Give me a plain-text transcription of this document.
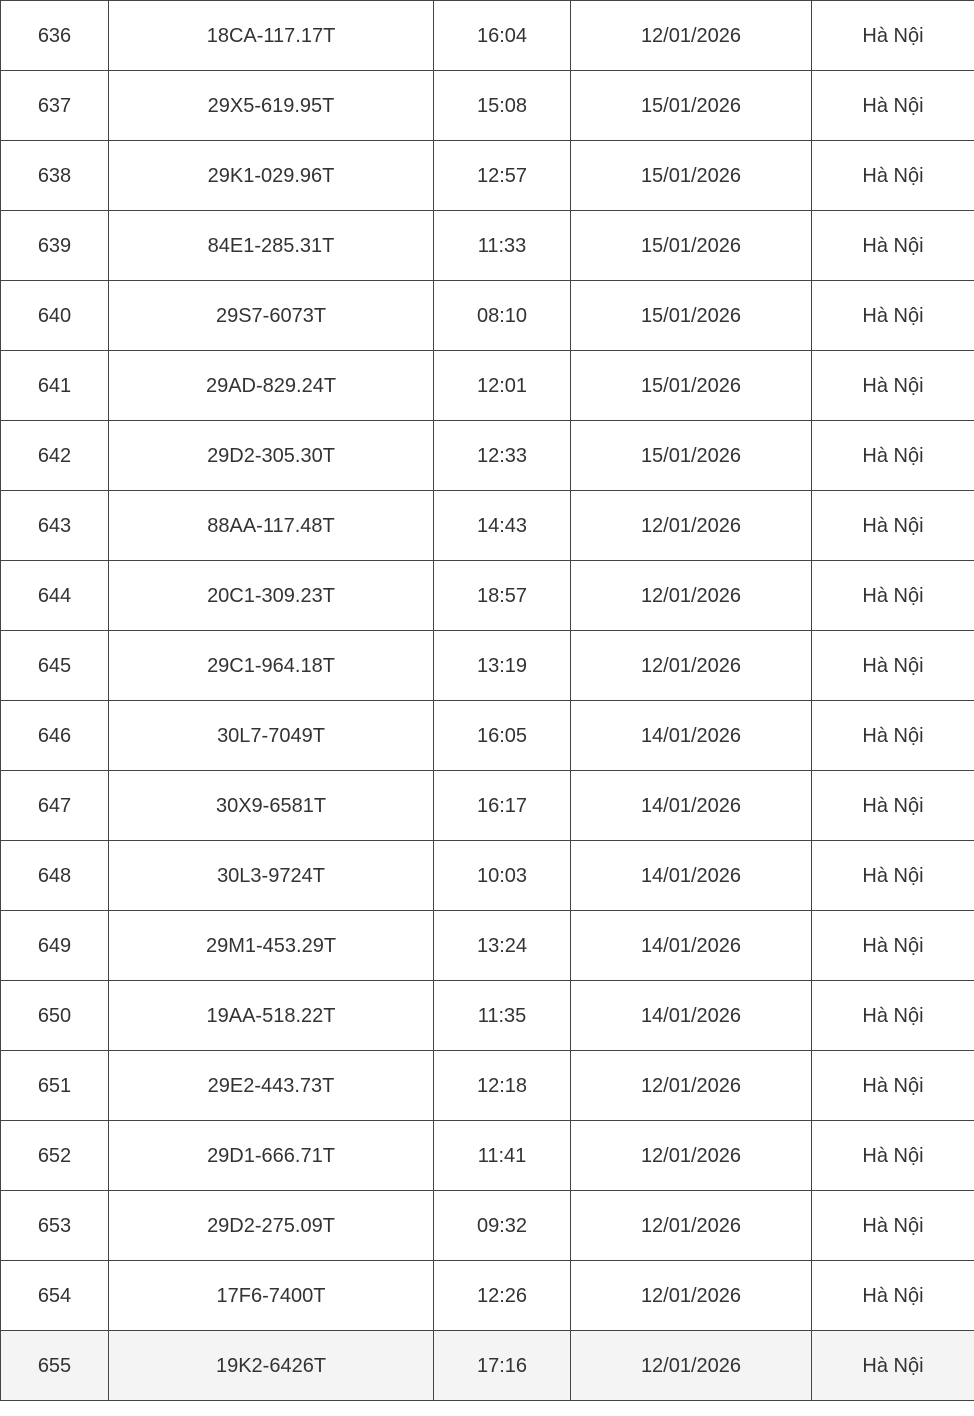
636	18CA-117.17T	16:04	12/01/2026	Hà Nội
637	29X5-619.95T	15:08	15/01/2026	Hà Nội
638	29K1-029.96T	12:57	15/01/2026	Hà Nội
639	84E1-285.31T	11:33	15/01/2026	Hà Nội
640	29S7-6073T	08:10	15/01/2026	Hà Nội
641	29AD-829.24T	12:01	15/01/2026	Hà Nội
642	29D2-305.30T	12:33	15/01/2026	Hà Nội
643	88AA-117.48T	14:43	12/01/2026	Hà Nội
644	20C1-309.23T	18:57	12/01/2026	Hà Nội
645	29C1-964.18T	13:19	12/01/2026	Hà Nội
646	30L7-7049T	16:05	14/01/2026	Hà Nội
647	30X9-6581T	16:17	14/01/2026	Hà Nội
648	30L3-9724T	10:03	14/01/2026	Hà Nội
649	29M1-453.29T	13:24	14/01/2026	Hà Nội
650	19AA-518.22T	11:35	14/01/2026	Hà Nội
651	29E2-443.73T	12:18	12/01/2026	Hà Nội
652	29D1-666.71T	11:41	12/01/2026	Hà Nội
653	29D2-275.09T	09:32	12/01/2026	Hà Nội
654	17F6-7400T	12:26	12/01/2026	Hà Nội
655	19K2-6426T	17:16	12/01/2026	Hà Nội
